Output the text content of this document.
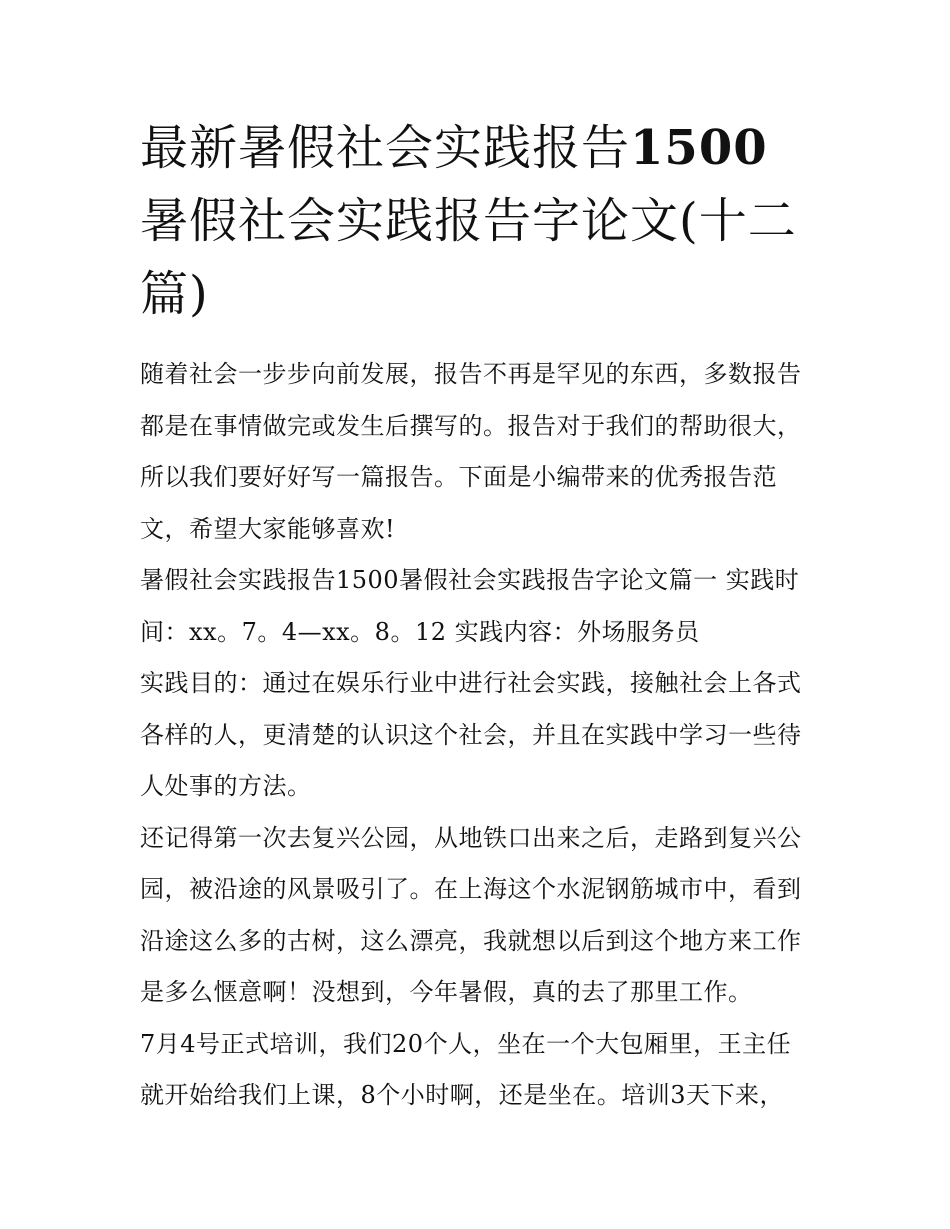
最新暑假社会实践报告1500 暑假社会实践报告字论文(十二篇)

随着社会一步步向前发展，报告不再是罕见的东西，多数报告都是在事情做完或发生后撰写的。报告对于我们的帮助很大，所以我们要好好写一篇报告。下面是小编带来的优秀报告范文，希望大家能够喜欢!

暑假社会实践报告1500暑假社会实践报告字论文篇一 实践时间：xx。7。4—xx。8。12 实践内容：外场服务员

实践目的：通过在娱乐行业中进行社会实践，接触社会上各式各样的人，更清楚的认识这个社会，并且在实践中学习一些待人处事的方法。

还记得第一次去复兴公园，从地铁口出来之后，走路到复兴公园，被沿途的风景吸引了。在上海这个水泥钢筋城市中，看到沿途这么多的古树，这么漂亮，我就想以后到这个地方来工作是多么惬意啊！没想到，今年暑假，真的去了那里工作。

7月4号正式培训，我们20个人，坐在一个大包厢里，王主任就开始给我们上课，8个小时啊，还是坐在。培训3天下来，
